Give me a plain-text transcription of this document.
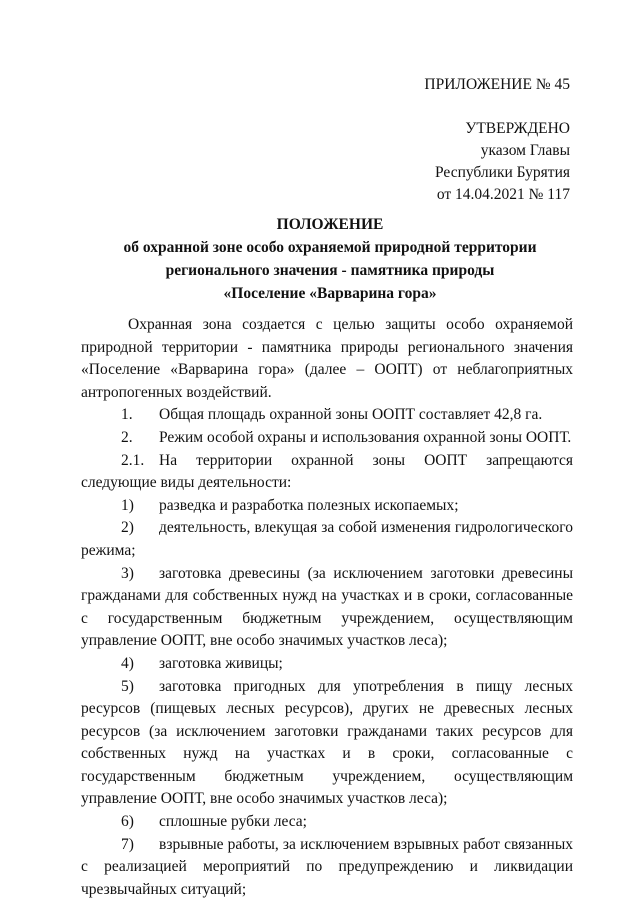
ПРИЛОЖЕНИЕ № 45
УТВЕРЖДЕНО
указом Главы
Республики Бурятия
от 14.04.2021 № 117
ПОЛОЖЕНИЕ
об охранной зоне особо охраняемой природной территории
регионального значения - памятника природы
«Поселение «Варварина гора»

Охранная зона создается с целью защиты особо охраняемой природной территории - памятника природы регионального значения «Поселение «Варварина гора» (далее – ООПТ) от неблагоприятных антропогенных воздействий.

1. Общая площадь охранной зоны ООПТ составляет 42,8 га.

2. Режим особой охраны и использования охранной зоны ООПТ.

2.1. На территории охранной зоны ООПТ запрещаются следующие виды деятельности:

1) разведка и разработка полезных ископаемых;

2) деятельность, влекущая за собой изменения гидрологического режима;

3) заготовка древесины (за исключением заготовки древесины гражданами для собственных нужд на участках и в сроки, согласованные с государственным бюджетным учреждением, осуществляющим управление ООПТ, вне особо значимых участков леса);

4) заготовка живицы;

5) заготовка пригодных для употребления в пищу лесных ресурсов (пищевых лесных ресурсов), других не древесных лесных ресурсов (за исключением заготовки гражданами таких ресурсов для собственных нужд на участках и в сроки, согласованные с государственным бюджетным учреждением, осуществляющим управление ООПТ, вне особо значимых участков леса);

6) сплошные рубки леса;

7) взрывные работы, за исключением взрывных работ связанных с реализацией мероприятий по предупреждению и ликвидации чрезвычайных ситуаций;
